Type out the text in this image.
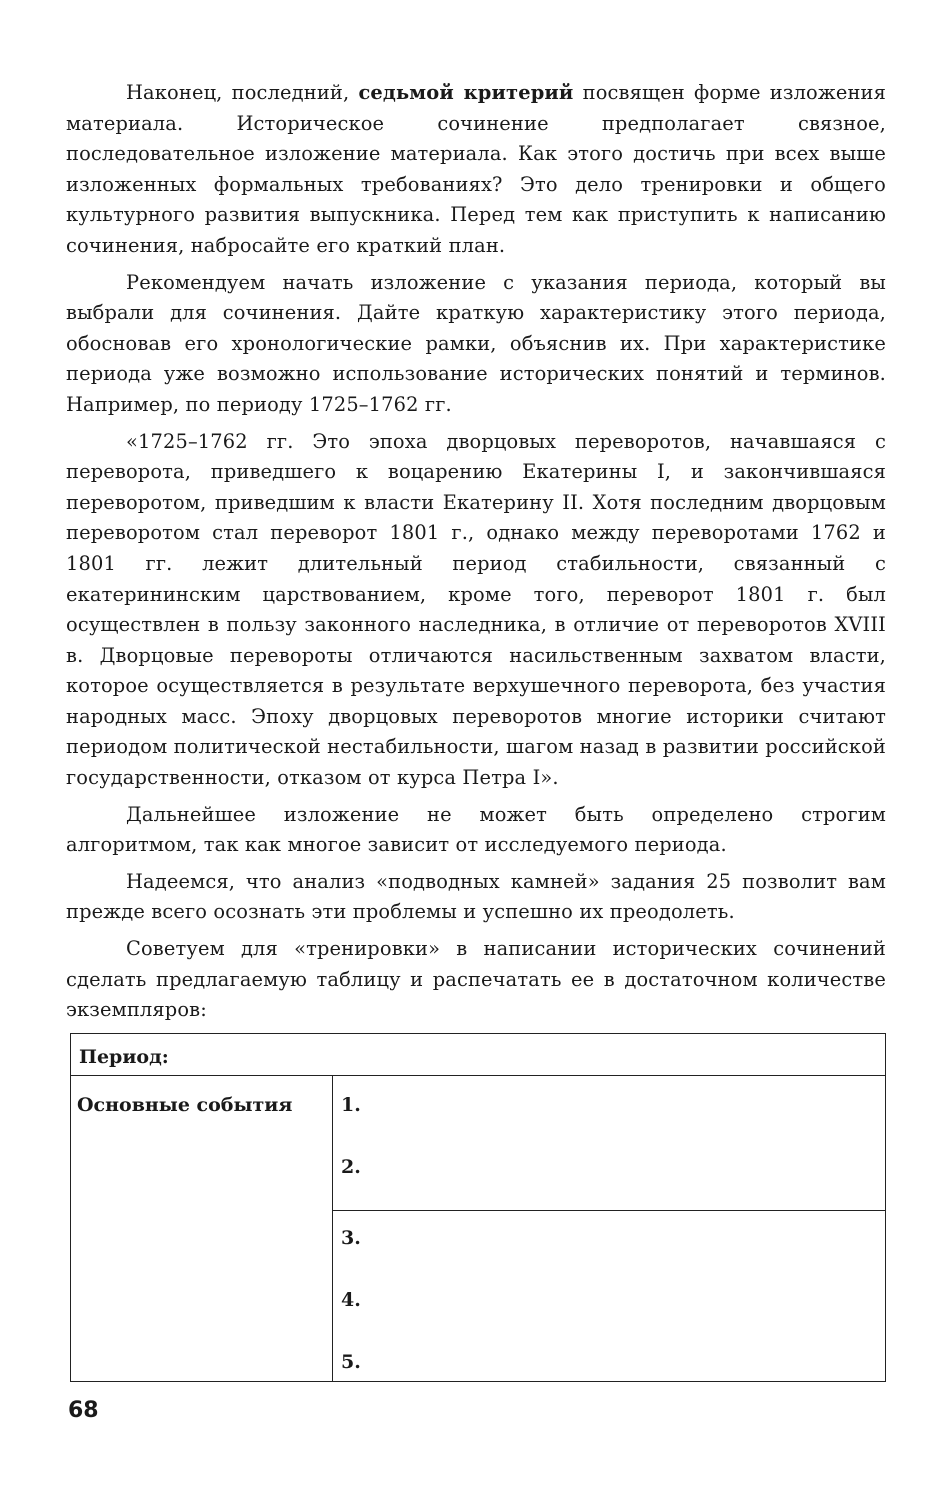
Наконец, последний, седьмой критерий посвящен форме изложения материала. Историческое сочинение предполагает связное, последовательное изложение материала. Как этого достичь при всех выше изложенных формальных требованиях? Это дело тренировки и общего культурного развития выпускника. Перед тем как приступить к написанию сочинения, набросайте его краткий план.

Рекомендуем начать изложение с указания периода, который вы выбрали для сочинения. Дайте краткую характеристику этого периода, обосновав его хронологические рамки, объяснив их. При характеристике периода уже возможно использование исторических понятий и терминов. Например, по периоду 1725–1762 гг.

«1725–1762 гг. Это эпоха дворцовых переворотов, начавшаяся с переворота, приведшего к воцарению Екатерины I, и закончившаяся переворотом, приведшим к власти Екатерину II. Хотя последним дворцовым переворотом стал переворот 1801 г., однако между переворотами 1762 и 1801 гг. лежит длительный период стабильности, связанный с екатерининским царствованием, кроме того, переворот 1801 г. был осуществлен в пользу законного наследника, в отличие от переворотов XVIII в. Дворцовые перевороты отличаются насильственным захватом власти, которое осуществляется в результате верхушечного переворота, без участия народных масс. Эпоху дворцовых переворотов многие историки считают периодом политической нестабильности, шагом назад в развитии российской государственности, отказом от курса Петра I».

Дальнейшее изложение не может быть определено строгим алгоритмом, так как многое зависит от исследуемого периода.

Надеемся, что анализ «подводных камней» задания 25 позволит вам прежде всего осознать эти проблемы и успешно их преодолеть.

Советуем для «тренировки» в написании исторических сочинений сделать предлагаемую таблицу и распечатать ее в достаточном количестве экземпляров:

Период:
Основные события	1.
2.

3.
4.
5.
68
